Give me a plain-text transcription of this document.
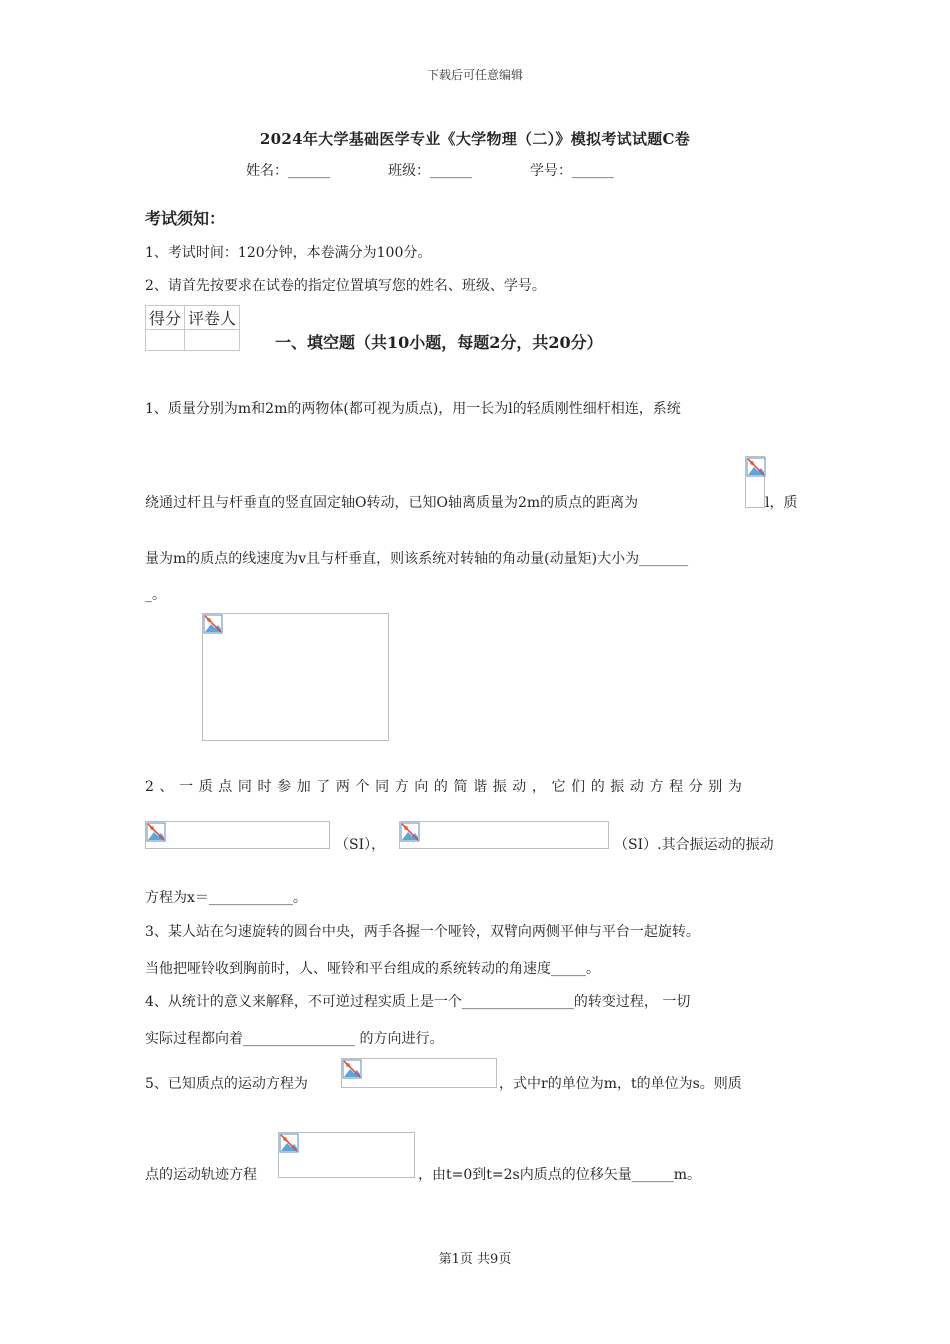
下载后可任意编辑
2024年大学基础医学专业《大学物理（二）》模拟考试试题C卷
姓名：______	班级：______	学号：______
考试须知：
1、考试时间：120分钟，本卷满分为100分。
2、请首先按要求在试卷的指定位置填写您的姓名、班级、学号。
得分	评卷人

一、填空题（共10小题，每题2分，共20分）
1、质量分别为m和2m的两物体(都可视为质点)，用一长为l的轻质刚性细杆相连，系统
绕通过杆且与杆垂直的竖直固定轴O转动，已知O轴离质量为2m的质点的距离为	l，质
量为m的质点的线速度为v且与杆垂直，则该系统对转轴的角动量(动量矩)大小为_______
_。
2、一质点同时参加了两个同方向的简谐振动，它们的振动方程分别为
（SI），	（SI）.其合振运动的振动
方程为x＝____________。
3、某人站在匀速旋转的圆台中央，两手各握一个哑铃，双臂向两侧平伸与平台一起旋转。
当他把哑铃收到胸前时，人、哑铃和平台组成的系统转动的角速度_____。
4、从统计的意义来解释，不可逆过程实质上是一个________________的转变过程， 一切
实际过程都向着________________ 的方向进行。
5、已知质点的运动方程为	，式中r的单位为m，t的单位为s。则质
点的运动轨迹方程	，由t=0到t=2s内质点的位移矢量______m。
第1页 共9页
